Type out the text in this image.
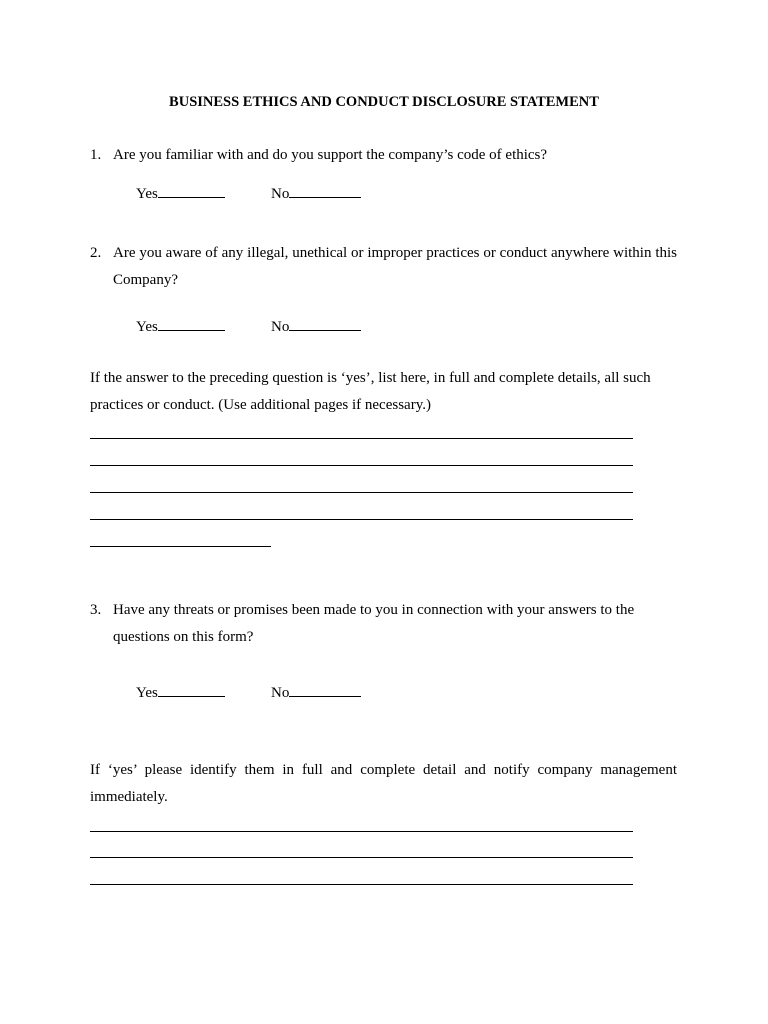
BUSINESS ETHICS AND CONDUCT DISCLOSURE STATEMENT
1. Are you familiar with and do you support the company’s code of ethics?
Yes	No
2. Are you aware of any illegal, unethical or improper practices or conduct anywhere within this Company?
Yes	No
If the answer to the preceding question is ‘yes’, list here, in full and complete details, all such practices or conduct. (Use additional pages if necessary.)
3. Have any threats or promises been made to you in connection with your answers to the questions on this form?
Yes	No
If ‘yes’ please identify them in full and complete detail and notify company management immediately.
